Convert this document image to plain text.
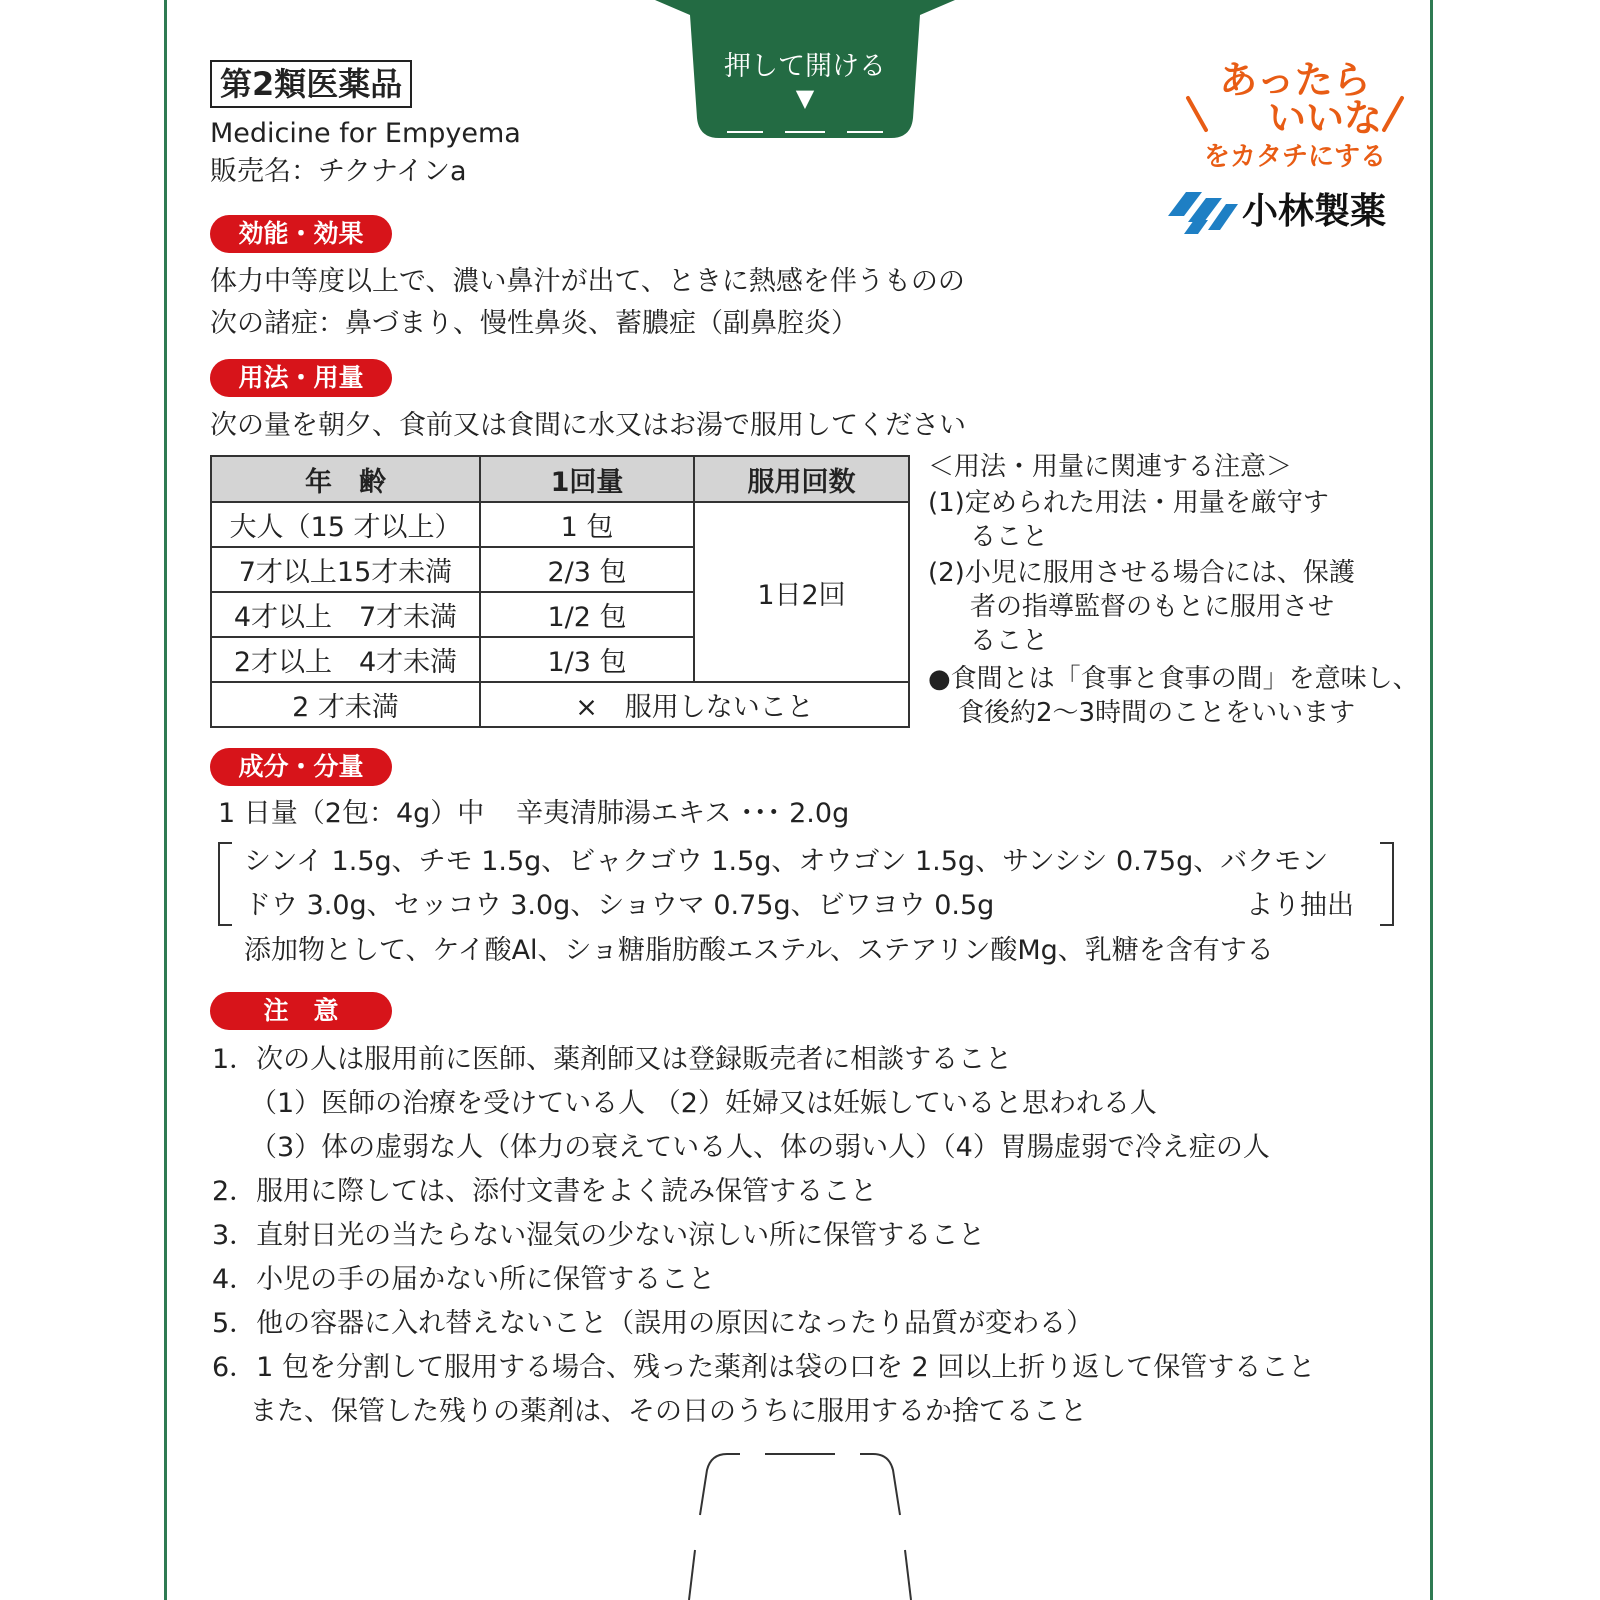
押して開ける
▼
第2類医薬品
Medicine for Empyema
販売名：チクナインa
あったら
いいな
をカタチにする
小林製薬
効能・効果
体力中等度以上で、濃い鼻汁が出て、ときに熱感を伴うものの
次の諸症：鼻づまり、慢性鼻炎、蓄膿症（副鼻腔炎）
用法・用量
次の量を朝夕、食前又は食間に水又はお湯で服用してください
年　齢	1回量	服用回数
大人（15 才以上）	1 包	1日2回
7才以上15才未満	2/3 包	
4才以上　7才未満	1/2 包	
2才以上　4才未満	1/3 包	
2 才未満	×　服用しないこと	
＜用法・用量に関連する注意＞
(1)定められた用法・用量を厳守す
ること
(2)小児に服用させる場合には、保護
者の指導監督のもとに服用させ
ること
●食間とは「食事と食事の間」を意味し、
食後約2～3時間のことをいいます
成分・分量
1 日量（2包：4g）中 辛夷清肺湯エキス ･･･ 2.0g
シンイ 1.5g、チモ 1.5g、ビャクゴウ 1.5g、オウゴン 1.5g、サンシシ 0.75g、バクモン
ドウ 3.0g、セッコウ 3.0g、ショウマ 0.75g、ビワヨウ 0.5g	より抽出
添加物として、ケイ酸Al、ショ糖脂肪酸エステル、ステアリン酸Mg、乳糖を含有する
注　意
1．次の人は服用前に医師、薬剤師又は登録販売者に相談すること
（1）医師の治療を受けている人 （2）妊婦又は妊娠していると思われる人
（3）体の虚弱な人（体力の衰えている人、体の弱い人）（4）胃腸虚弱で冷え症の人
2．服用に際しては、添付文書をよく読み保管すること
3．直射日光の当たらない湿気の少ない涼しい所に保管すること
4．小児の手の届かない所に保管すること
5．他の容器に入れ替えないこと（誤用の原因になったり品質が変わる）
6．1 包を分割して服用する場合、残った薬剤は袋の口を 2 回以上折り返して保管すること
また、保管した残りの薬剤は、その日のうちに服用するか捨てること
